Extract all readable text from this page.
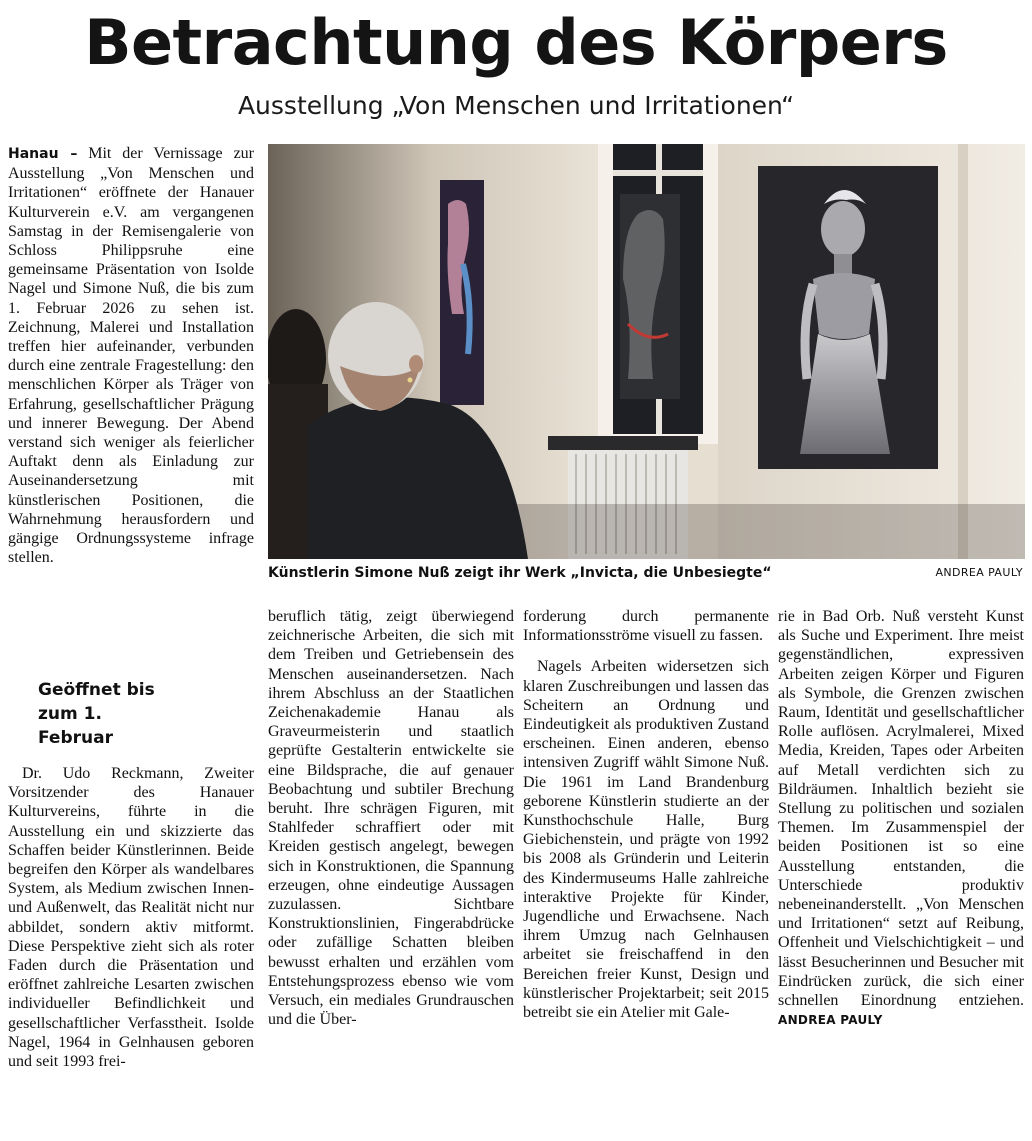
Betrachtung des Körpers
Ausstellung „Von Menschen und Irritationen“

Hanau – Mit der Vernissage zur Ausstellung „Von Menschen und Irritationen“ eröffnete der Hanauer Kulturverein e.V. am vergangenen Samstag in der Remisengalerie von Schloss Philippsruhe eine gemeinsame Präsentation von Isolde Nagel und Simone Nuß, die bis zum 1. Februar 2026 zu sehen ist. Zeichnung, Malerei und Installation treffen hier aufeinander, verbunden durch eine zentrale Fragestellung: den menschlichen Körper als Träger von Erfahrung, gesellschaftlicher Prägung und innerer Bewegung. Der Abend verstand sich weniger als feierlicher Auftakt denn als Einladung zur Auseinandersetzung mit künstlerischen Positionen, die Wahrnehmung herausfordern und gängige Ordnungssysteme infrage stellen.

Geöffnet bis zum 1. Februar

Dr. Udo Reckmann, Zweiter Vorsitzender des Hanauer Kulturvereins, führte in die Ausstellung ein und skizzierte das Schaffen beider Künstlerinnen. Beide begreifen den Körper als wandelbares System, als Medium zwischen Innen- und Außenwelt, das Realität nicht nur abbildet, sondern aktiv mitformt. Diese Perspektive zieht sich als roter Faden durch die Präsentation und eröffnet zahlreiche Lesarten zwischen individueller Befindlichkeit und gesellschaftlicher Verfasstheit. Isolde Nagel, 1964 in Gelnhausen geboren und seit 1993 frei-

Künstlerin Simone Nuß zeigt ihr Werk „Invicta, die Unbesiegte“	ANDREA PAULY

beruflich tätig, zeigt überwiegend zeichnerische Arbeiten, die sich mit dem Treiben und Getriebensein des Menschen auseinandersetzen. Nach ihrem Abschluss an der Staatlichen Zeichenakademie Hanau als Graveurmeisterin und staatlich geprüfte Gestalterin entwickelte sie eine Bildsprache, die auf genauer Beobachtung und subtiler Brechung beruht. Ihre schrägen Figuren, mit Stahlfeder schraffiert oder mit Kreiden gestisch angelegt, bewegen sich in Konstruktionen, die Spannung erzeugen, ohne eindeutige Aussagen zuzulassen. Sichtbare Konstruktionslinien, Fingerabdrücke oder zufällige Schatten bleiben bewusst erhalten und erzählen vom Entstehungsprozess ebenso wie vom Versuch, ein mediales Grundrauschen und die Über-

forderung durch permanente Informationsströme visuell zu fassen.

Nagels Arbeiten widersetzen sich klaren Zuschreibungen und lassen das Scheitern an Ordnung und Eindeutigkeit als produktiven Zustand erscheinen. Einen anderen, ebenso intensiven Zugriff wählt Simone Nuß. Die 1961 im Land Brandenburg geborene Künstlerin studierte an der Kunsthochschule Halle, Burg Giebichenstein, und prägte von 1992 bis 2008 als Gründerin und Leiterin des Kindermuseums Halle zahlreiche interaktive Projekte für Kinder, Jugendliche und Erwachsene. Nach ihrem Umzug nach Gelnhausen arbeitet sie freischaffend in den Bereichen freier Kunst, Design und künstlerischer Projektarbeit; seit 2015 betreibt sie ein Atelier mit Gale-

rie in Bad Orb. Nuß versteht Kunst als Suche und Experiment. Ihre meist gegenständlichen, expressiven Arbeiten zeigen Körper und Figuren als Symbole, die Grenzen zwischen Raum, Identität und gesellschaftlicher Rolle auflösen. Acrylmalerei, Mixed Media, Kreiden, Tapes oder Arbeiten auf Metall verdichten sich zu Bildräumen. Inhaltlich bezieht sie Stellung zu politischen und sozialen Themen. Im Zusammenspiel der beiden Positionen ist so eine Ausstellung entstanden, die Unterschiede produktiv nebeneinanderstellt. „Von Menschen und Irritationen“ setzt auf Reibung, Offenheit und Vielschichtigkeit – und lässt Besucherinnen und Besucher mit Eindrücken zurück, die sich einer schnellen Einordnung entziehen. ANDREA PAULY
